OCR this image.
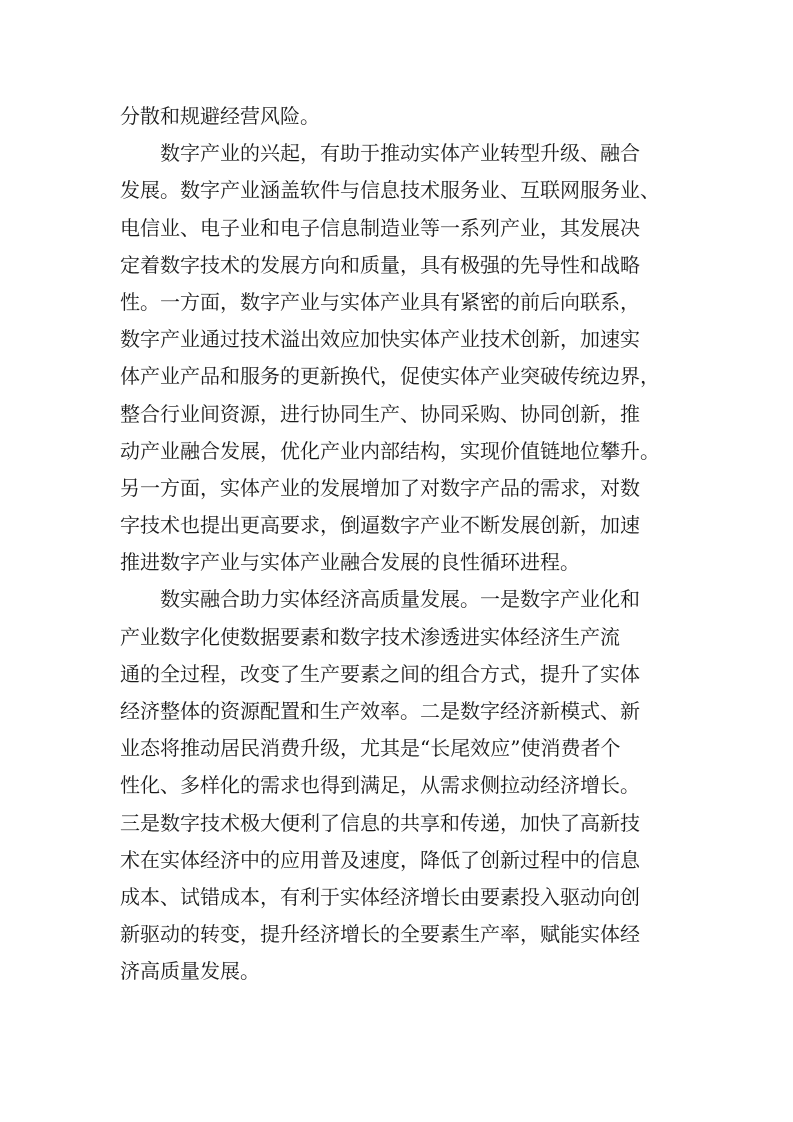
分散和规避经营风险。
　　数字产业的兴起，有助于推动实体产业转型升级、融合
发展。数字产业涵盖软件与信息技术服务业、互联网服务业、
电信业、电子业和电子信息制造业等一系列产业，其发展决
定着数字技术的发展方向和质量，具有极强的先导性和战略
性。一方面，数字产业与实体产业具有紧密的前后向联系，
数字产业通过技术溢出效应加快实体产业技术创新，加速实
体产业产品和服务的更新换代，促使实体产业突破传统边界，
整合行业间资源，进行协同生产、协同采购、协同创新，推
动产业融合发展，优化产业内部结构，实现价值链地位攀升。
另一方面，实体产业的发展增加了对数字产品的需求，对数
字技术也提出更高要求，倒逼数字产业不断发展创新，加速
推进数字产业与实体产业融合发展的良性循环进程。
　　数实融合助力实体经济高质量发展。一是数字产业化和
产业数字化使数据要素和数字技术渗透进实体经济生产流
通的全过程，改变了生产要素之间的组合方式，提升了实体
经济整体的资源配置和生产效率。二是数字经济新模式、新
业态将推动居民消费升级，尤其是“长尾效应”使消费者个
性化、多样化的需求也得到满足，从需求侧拉动经济增长。
三是数字技术极大便利了信息的共享和传递，加快了高新技
术在实体经济中的应用普及速度，降低了创新过程中的信息
成本、试错成本，有利于实体经济增长由要素投入驱动向创
新驱动的转变，提升经济增长的全要素生产率，赋能实体经
济高质量发展。
